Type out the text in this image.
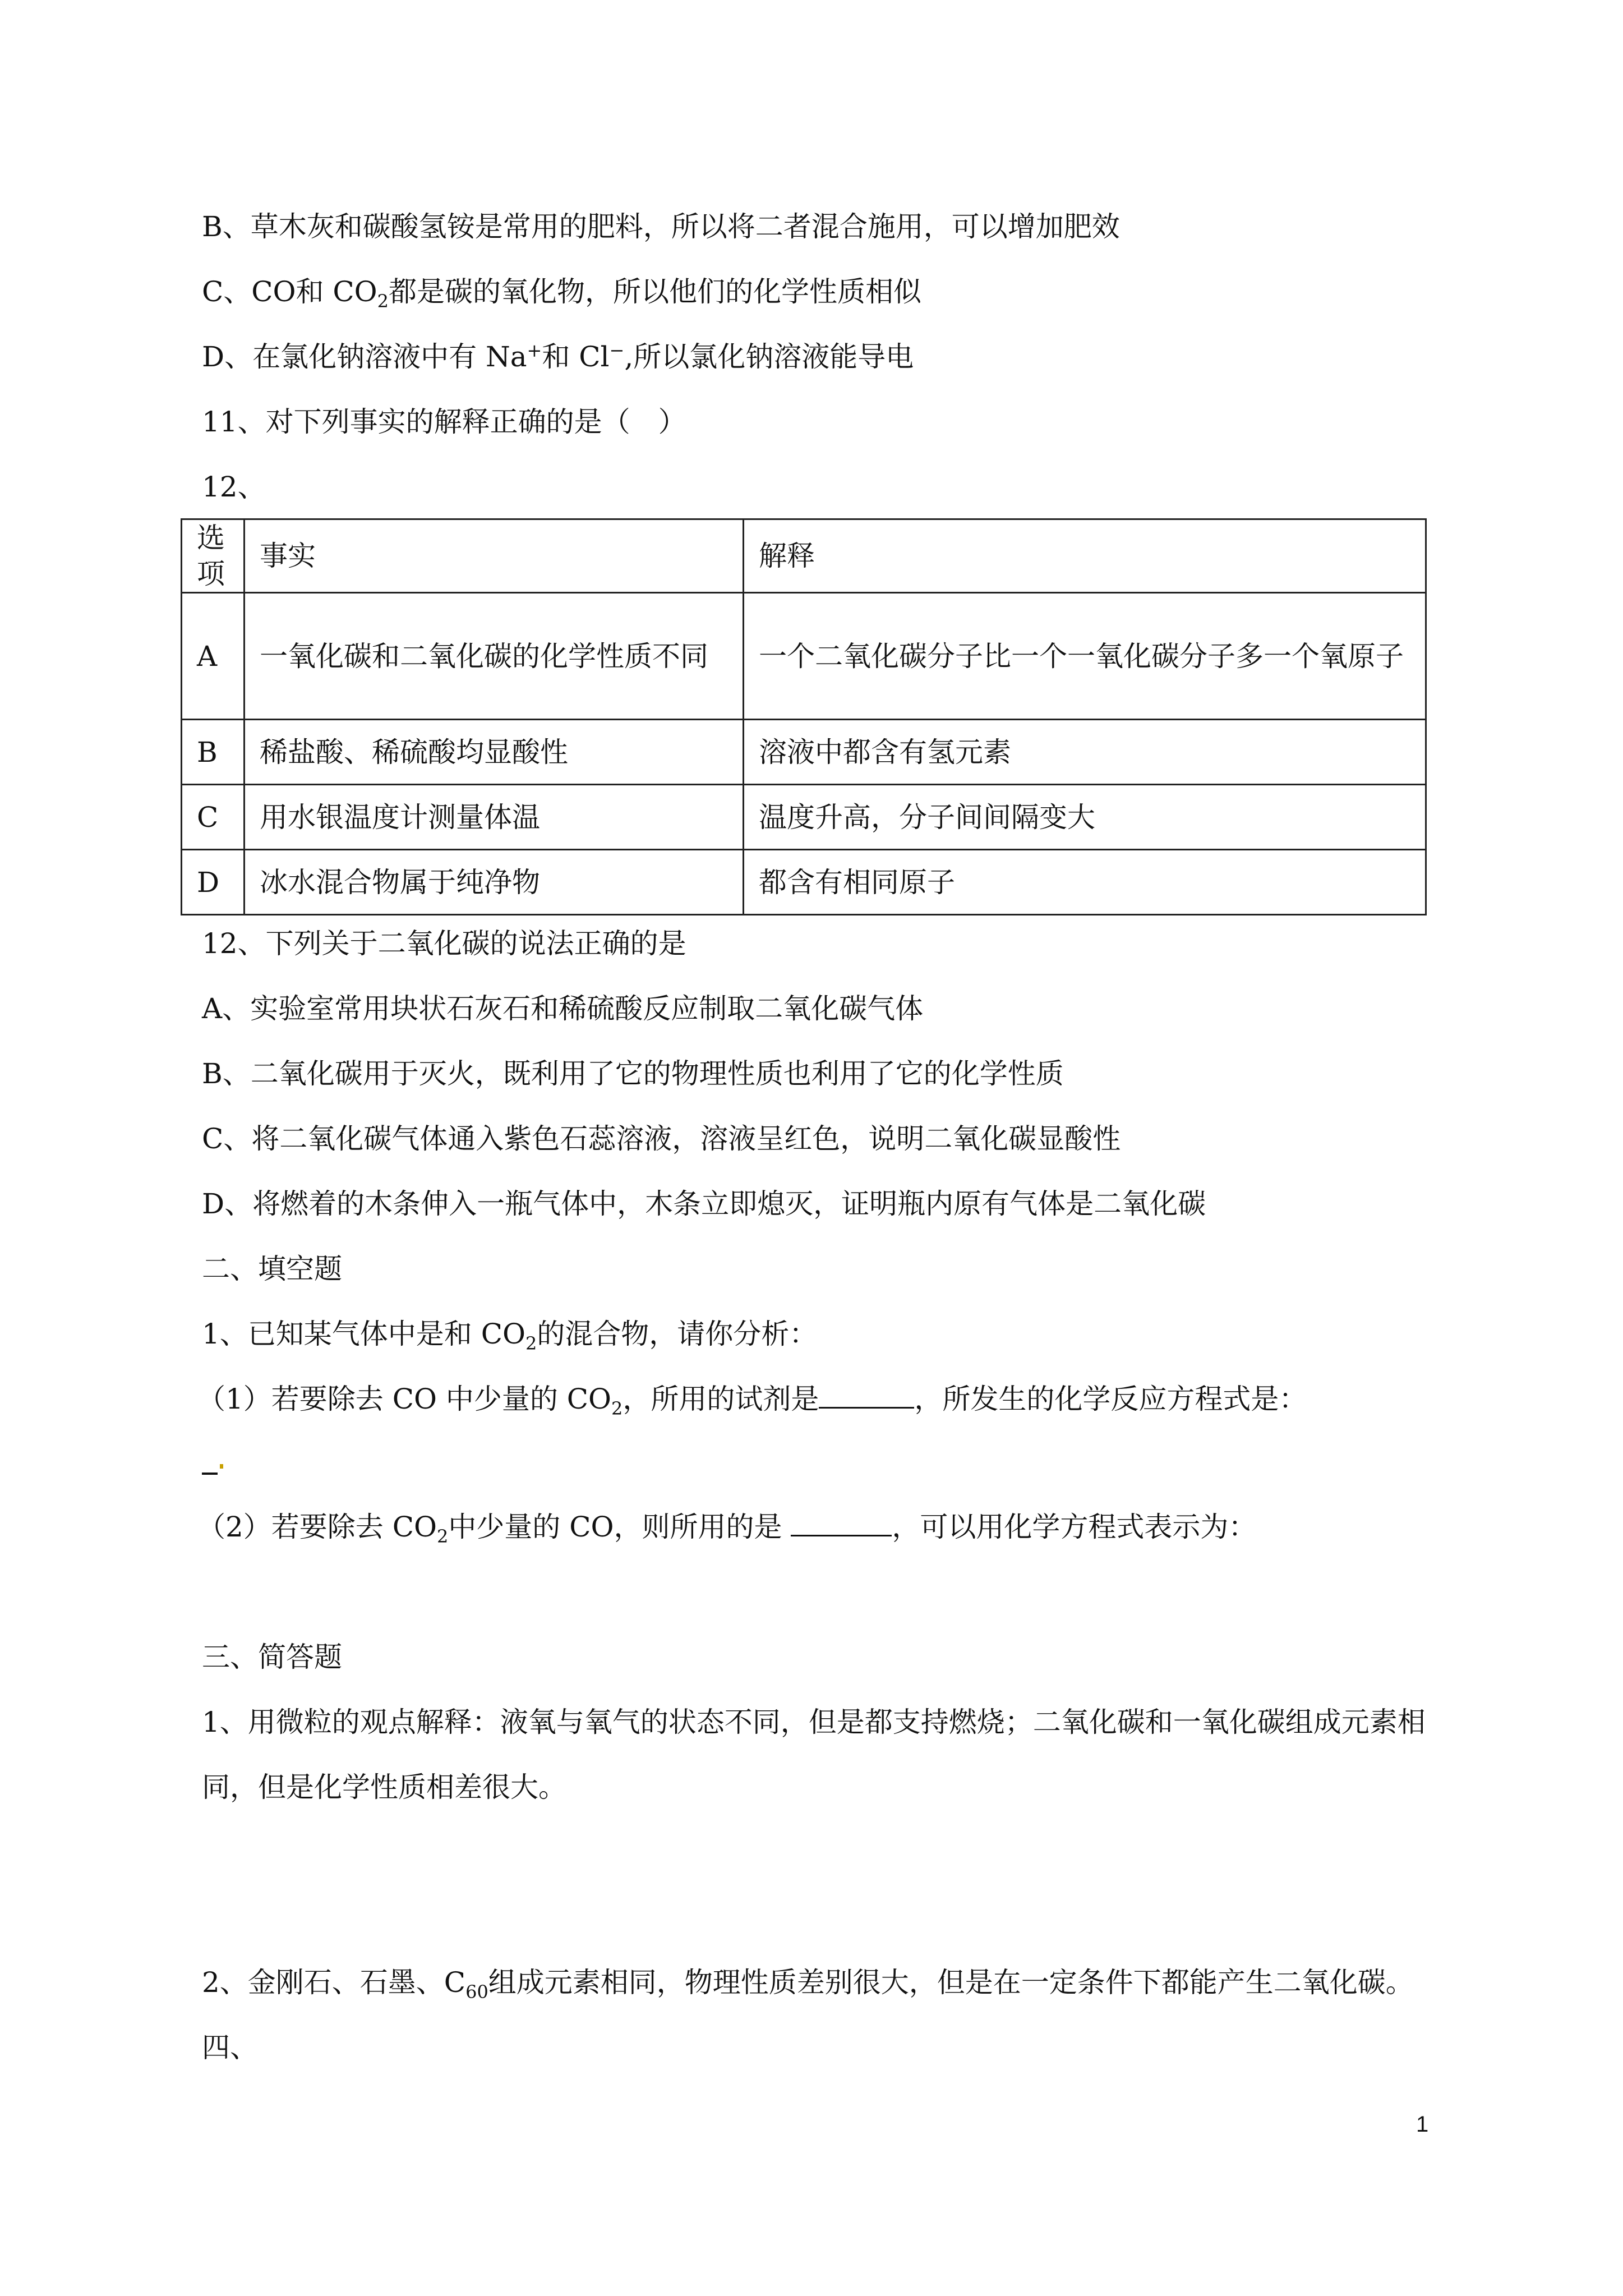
B、草木灰和碳酸氢铵是常用的肥料，所以将二者混合施用，可以增加肥效

C、CO和 $CO_2$都是碳的氧化物，所以他们的化学性质相似

D、在氯化钠溶液中有 Na+和 Cl−,所以氯化钠溶液能导电

11、对下列事实的解释正确的是（　）

12、

选项	事实	解释
A	一氧化碳和二氧化碳的化学性质不同	一个二氧化碳分子比一个一氧化碳分子多一个氧原子
B	稀盐酸、稀硫酸均显酸性	溶液中都含有氢元素
C	用水银温度计测量体温	温度升高，分子间间隔变大
D	冰水混合物属于纯净物	都含有相同原子

12、下列关于二氧化碳的说法正确的是

A、实验室常用块状石灰石和稀硫酸反应制取二氧化碳气体

B、二氧化碳用于灭火，既利用了它的物理性质也利用了它的化学性质

C、将二氧化碳气体通入紫色石蕊溶液，溶液呈红色，说明二氧化碳显酸性

D、将燃着的木条伸入一瓶气体中，木条立即熄灭，证明瓶内原有气体是二氧化碳

二、填空题

1、已知某气体中是和 $CO_2$的混合物，请你分析：

（1）若要除去 CO 中少量的 $CO_2$，所用的试剂是	，所发生的化学反应方程式是：

（2）若要除去 $CO_2$中少量的 CO，则所用的是	，可以用化学方程式表示为：

三、简答题

1、用微粒的观点解释：液氧与氧气的状态不同，但是都支持燃烧；二氧化碳和一氧化碳组成元素相

同，但是化学性质相差很大。

2、金刚石、石墨、$C_{60}$组成元素相同，物理性质差别很大，但是在一定条件下都能产生二氧化碳。

四、

1
